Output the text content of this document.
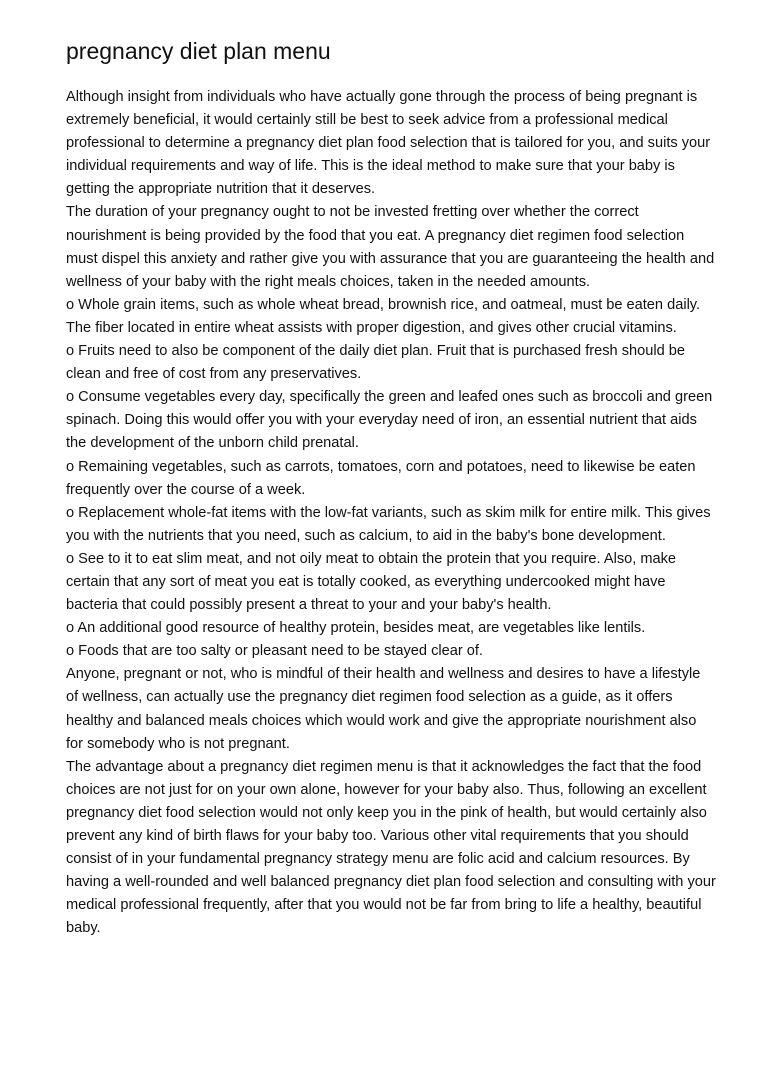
pregnancy diet plan menu

Although insight from individuals who have actually gone through the process of being pregnant is extremely beneficial, it would certainly still be best to seek advice from a professional medical professional to determine a pregnancy diet plan food selection that is tailored for you, and suits your individual requirements and way of life. This is the ideal method to make sure that your baby is getting the appropriate nutrition that it deserves.

The duration of your pregnancy ought to not be invested fretting over whether the correct nourishment is being provided by the food that you eat. A pregnancy diet regimen food selection must dispel this anxiety and rather give you with assurance that you are guaranteeing the health and wellness of your baby with the right meals choices, taken in the needed amounts.

o Whole grain items, such as whole wheat bread, brownish rice, and oatmeal, must be eaten daily. The fiber located in entire wheat assists with proper digestion, and gives other crucial vitamins.

o Fruits need to also be component of the daily diet plan. Fruit that is purchased fresh should be clean and free of cost from any preservatives.

o Consume vegetables every day, specifically the green and leafed ones such as broccoli and green spinach. Doing this would offer you with your everyday need of iron, an essential nutrient that aids the development of the unborn child prenatal.

o Remaining vegetables, such as carrots, tomatoes, corn and potatoes, need to likewise be eaten frequently over the course of a week.

o Replacement whole-fat items with the low-fat variants, such as skim milk for entire milk. This gives you with the nutrients that you need, such as calcium, to aid in the baby's bone development.

o See to it to eat slim meat, and not oily meat to obtain the protein that you require. Also, make certain that any sort of meat you eat is totally cooked, as everything undercooked might have bacteria that could possibly present a threat to your and your baby's health.

o An additional good resource of healthy protein, besides meat, are vegetables like lentils.

o Foods that are too salty or pleasant need to be stayed clear of.

Anyone, pregnant or not, who is mindful of their health and wellness and desires to have a lifestyle of wellness, can actually use the pregnancy diet regimen food selection as a guide, as it offers healthy and balanced meals choices which would work and give the appropriate nourishment also for somebody who is not pregnant.

The advantage about a pregnancy diet regimen menu is that it acknowledges the fact that the food choices are not just for on your own alone, however for your baby also. Thus, following an excellent pregnancy diet food selection would not only keep you in the pink of health, but would certainly also prevent any kind of birth flaws for your baby too. Various other vital requirements that you should consist of in your fundamental pregnancy strategy menu are folic acid and calcium resources. By having a well-rounded and well balanced pregnancy diet plan food selection and consulting with your medical professional frequently, after that you would not be far from bring to life a healthy, beautiful baby.
